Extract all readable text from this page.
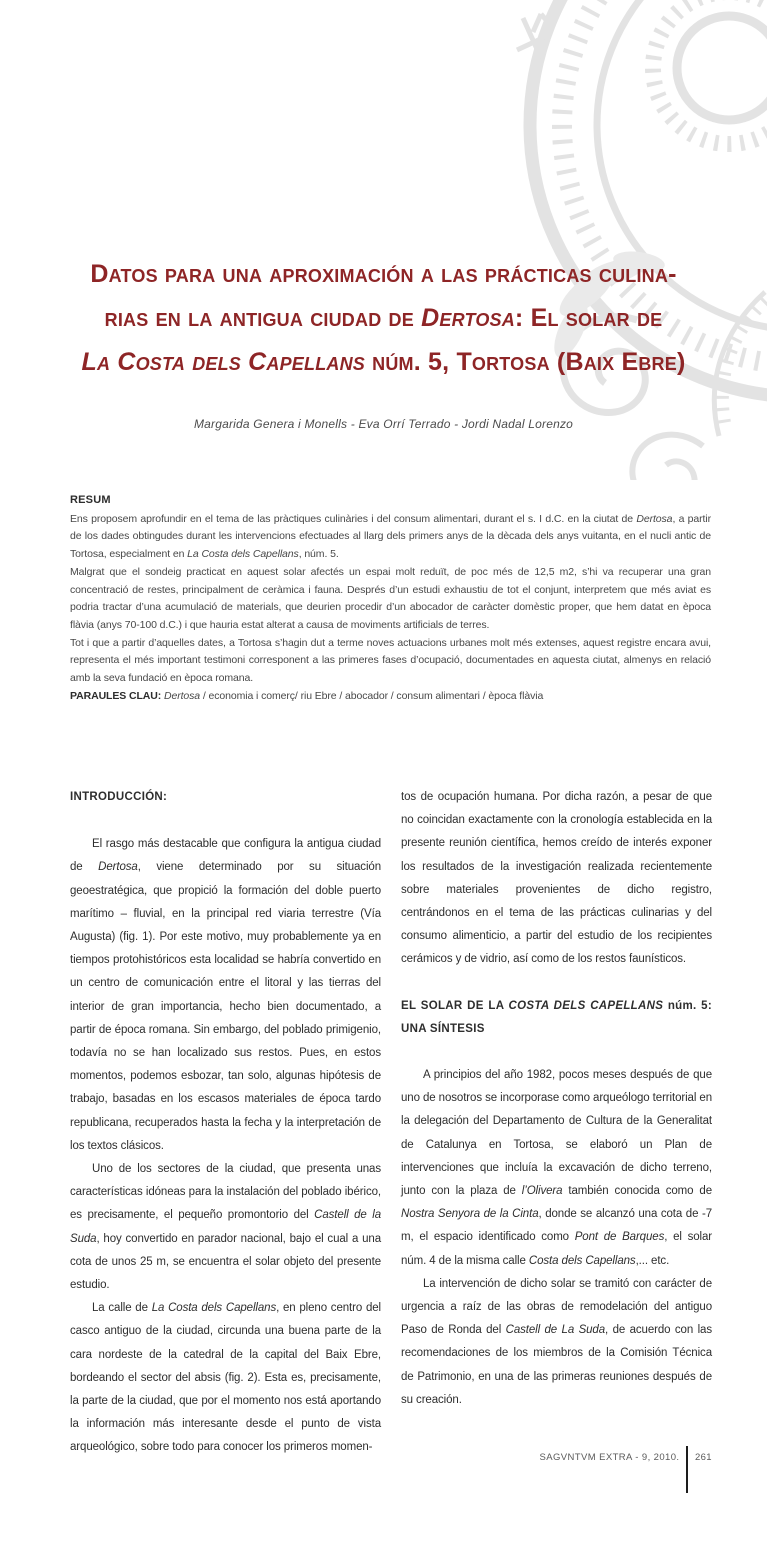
Datos para una aproximación a las prácticas culina-
rias en la antigua ciudad de Dertosa: El solar de
La Costa dels Capellans núm. 5, Tortosa (Baix Ebre)
Margarida Genera i Monells - Eva Orrí Terrado - Jordi Nadal Lorenzo
RESUM

Ens proposem aprofundir en el tema de las pràctiques culinàries i del consum alimentari, durant el s. I d.C. en la ciutat de Dertosa, a partir de los dades obtingudes durant les intervencions efectuades al llarg dels primers anys de la dècada dels anys vuitanta, en el nucli antic de Tortosa, especialment en La Costa dels Capellans, núm. 5.

Malgrat que el sondeig practicat en aquest solar afectés un espai molt reduït, de poc més de 12,5 m2, s’hi va recuperar una gran concentració de restes, principalment de ceràmica i fauna. Després d’un estudi exhaustiu de tot el conjunt, interpretem que més aviat es podria tractar d’una acumulació de materials, que deurien procedir d’un abocador de caràcter domèstic proper, que hem datat en època flàvia (anys 70-100 d.C.) i que hauria estat alterat a causa de moviments artificials de terres.

Tot i que a partir d’aquelles dates, a Tortosa s’hagin dut a terme noves actuacions urbanes molt més extenses, aquest registre encara avui, representa el més important testimoni corresponent a las primeres fases d’ocupació, documentades en aquesta ciutat, almenys en relació amb la seva fundació en època romana.

PARAULES CLAU: Dertosa / economia i comerç/ riu Ebre / abocador / consum alimentari / època flàvia

INTRODUCCIÓN:

El rasgo más destacable que configura la antigua ciudad de Dertosa, viene determinado por su situación geoestratégica, que propició la formación del doble puerto marítimo – fluvial, en la principal red viaria terrestre (Vía Augusta) (fig. 1). Por este motivo, muy probablemente ya en tiempos protohistóricos esta localidad se habría convertido en un centro de comunicación entre el litoral y las tierras del interior de gran importancia, hecho bien documentado, a partir de época romana. Sin embargo, del poblado primigenio, todavía no se han localizado sus restos. Pues, en estos momentos, podemos esbozar, tan solo, algunas hipótesis de trabajo, basadas en los escasos materiales de época tardo republicana, recuperados hasta la fecha y la interpretación de los textos clásicos.

Uno de los sectores de la ciudad, que presenta unas características idóneas para la instalación del poblado ibérico, es precisamente, el pequeño promontorio del Castell de la Suda, hoy convertido en parador nacional, bajo el cual a una cota de unos 25 m, se encuentra el solar objeto del presente estudio.

La calle de La Costa dels Capellans, en pleno centro del casco antiguo de la ciudad, circunda una buena parte de la cara nordeste de la catedral de la capital del Baix Ebre, bordeando el sector del absis (fig. 2). Esta es, precisamente, la parte de la ciudad, que por el momento nos está aportando la información más interesante desde el punto de vista arqueológico, sobre todo para conocer los primeros momen-

tos de ocupación humana. Por dicha razón, a pesar de que no coincidan exactamente con la cronología establecida en la presente reunión científica, hemos creído de interés exponer los resultados de la investigación realizada recientemente sobre materiales provenientes de dicho registro, centrándonos en el tema de las prácticas culinarias y del consumo alimenticio, a partir del estudio de los recipientes cerámicos y de vidrio, así como de los restos faunísticos.

EL SOLAR DE LA COSTA DELS CAPELLANS núm. 5: UNA SÍNTESIS

A principios del año 1982, pocos meses después de que uno de nosotros se incorporase como arqueólogo territorial en la delegación del Departamento de Cultura de la Generalitat de Catalunya en Tortosa, se elaboró un Plan de intervenciones que incluía la excavación de dicho terreno, junto con la plaza de l’Olivera también conocida como de Nostra Senyora de la Cinta, donde se alcanzó una cota de -7 m, el espacio identificado como Pont de Barques, el solar núm. 4 de la misma calle Costa dels Capellans,... etc.

La intervención de dicho solar se tramitó con carácter de urgencia a raíz de las obras de remodelación del antiguo Paso de Ronda del Castell de La Suda, de acuerdo con las recomendaciones de los miembros de la Comisión Técnica de Patrimonio, en una de las primeras reuniones después de su creación.

SAGVNTVM EXTRA - 9, 2010. 261
